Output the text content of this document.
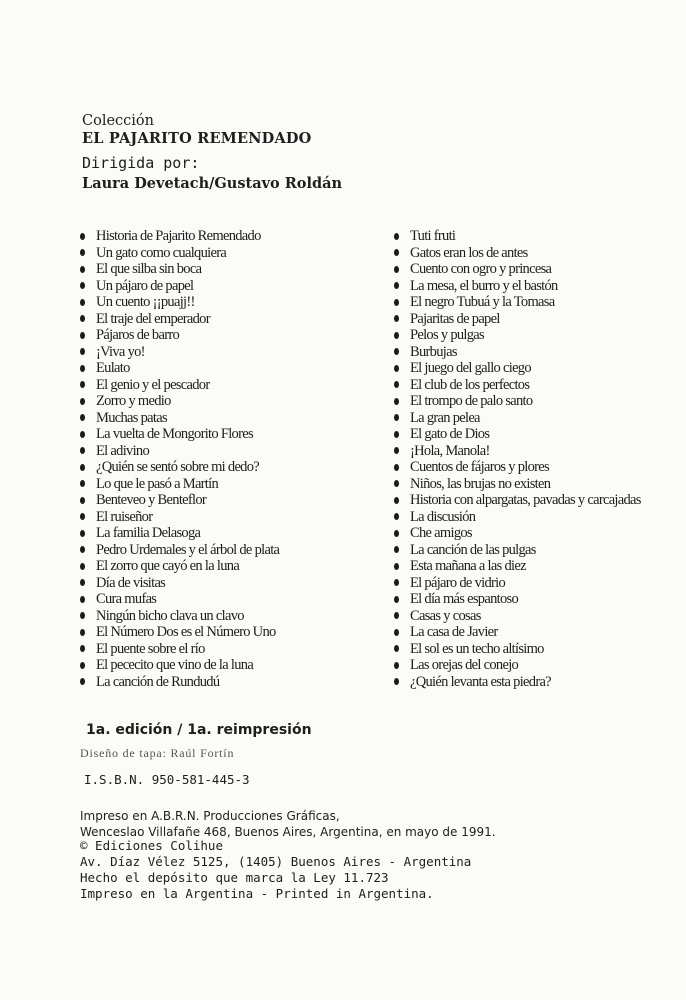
Colección
EL PAJARITO REMENDADO
Dirigida por:
Laura Devetach/Gustavo Roldán
Historia de Pajarito Remendado
Un gato como cualquiera
El que silba sin boca
Un pájaro de papel
Un cuento ¡¡puajj!!
El traje del emperador
Pájaros de barro
¡Viva yo!
Eulato
El genio y el pescador
Zorro y medio
Muchas patas
La vuelta de Mongorito Flores
El adivino
¿Quién se sentó sobre mi dedo?
Lo que le pasó a Martín
Benteveo y Benteflor
El ruiseñor
La familia Delasoga
Pedro Urdemales y el árbol de plata
El zorro que cayó en la luna
Día de visitas
Cura mufas
Ningún bicho clava un clavo
El Número Dos es el Número Uno
El puente sobre el río
El pececito que vino de la luna
La canción de Rundudú
Tuti fruti
Gatos eran los de antes
Cuento con ogro y princesa
La mesa, el burro y el bastón
El negro Tubuá y la Tomasa
Pajaritas de papel
Pelos y pulgas
Burbujas
El juego del gallo ciego
El club de los perfectos
El trompo de palo santo
La gran pelea
El gato de Dios
¡Hola, Manola!
Cuentos de fájaros y plores
Niños, las brujas no existen
Historia con alpargatas, pavadas y carcajadas
La discusión
Che amigos
La canción de las pulgas
Esta mañana a las diez
El pájaro de vidrio
El día más espantoso
Casas y cosas
La casa de Javier
El sol es un techo altísimo
Las orejas del conejo
¿Quién levanta esta piedra?
1a. edición / 1a. reimpresión
Diseño de tapa: Raúl Fortín
I.S.B.N. 950-581-445-3
Impreso en A.B.R.N. Producciones Gráficas,
Wenceslao Villafañe 468, Buenos Aires, Argentina, en mayo de 1991.
© Ediciones Colihue
Av. Díaz Vélez 5125, (1405) Buenos Aires - Argentina
Hecho el depósito que marca la Ley 11.723
Impreso en la Argentina - Printed in Argentina.
